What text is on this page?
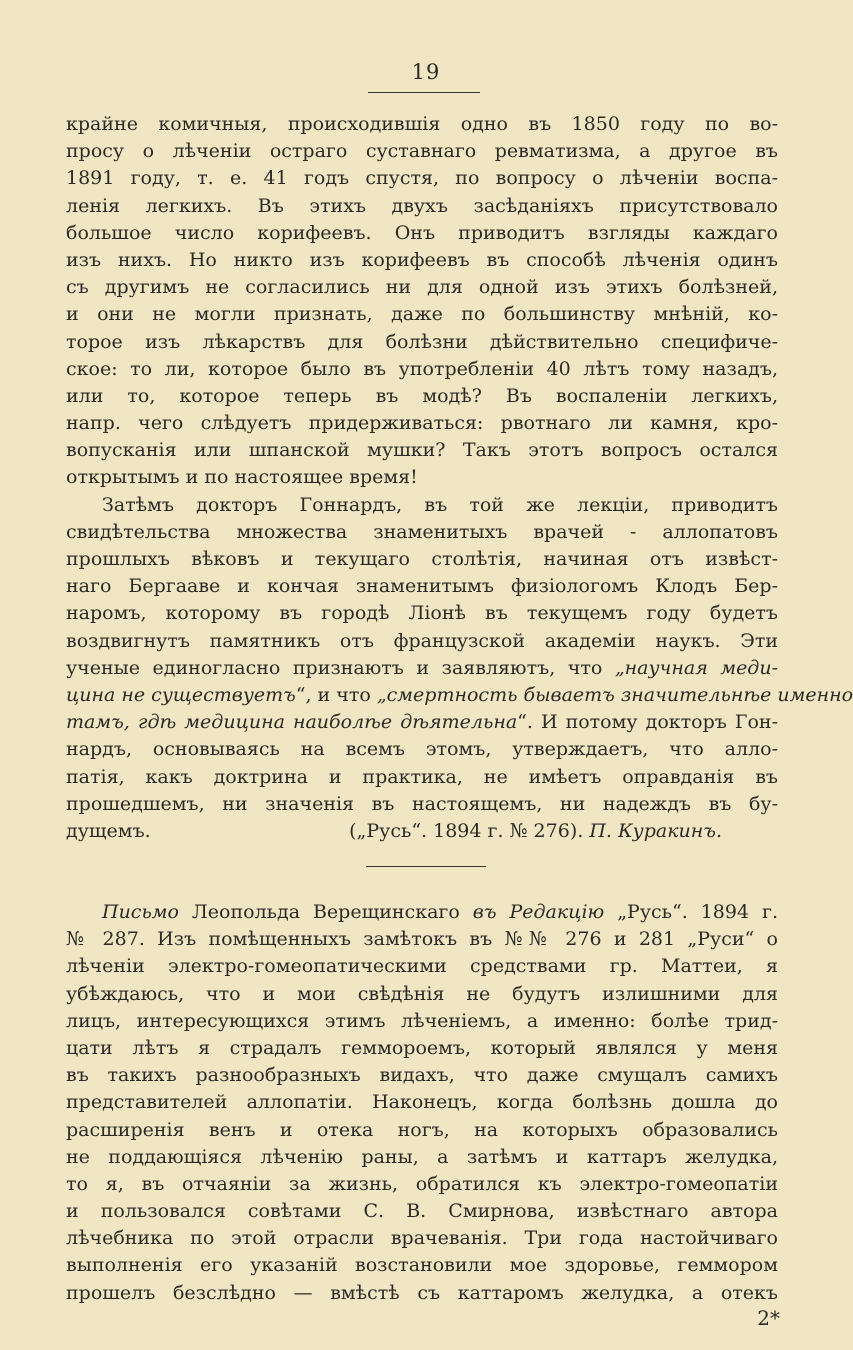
19
крайне комичныя, происходившія одно въ 1850 году по во-
просу о лѣченіи остраго суставнаго ревматизма, а другое въ
1891 году, т. е. 41 годъ спустя, по вопросу о лѣченіи воспа-
ленія легкихъ. Въ этихъ двухъ засѣданіяхъ присутствовало
большое число корифеевъ. Онъ приводитъ взгляды каждаго
изъ нихъ. Но никто изъ корифеевъ въ способѣ лѣченія одинъ
съ другимъ не согласились ни для одной изъ этихъ болѣзней,
и они не могли признать, даже по большинству мнѣній, ко-
торое изъ лѣкарствъ для болѣзни дѣйствительно специфиче-
ское: то ли, которое было въ употребленіи 40 лѣтъ тому назадъ,
или то, которое теперь въ модѣ? Въ воспаленіи легкихъ,
напр. чего слѣдуетъ придерживаться: рвотнаго ли камня, кро-
вопусканія или шпанской мушки? Такъ этотъ вопросъ остался
открытымъ и по настоящее время!
Затѣмъ докторъ Гоннардъ, въ той же лекціи, приводитъ
свидѣтельства множества знаменитыхъ врачей - аллопатовъ
прошлыхъ вѣковъ и текущаго столѣтія, начиная отъ извѣст-
наго Бергааве и кончая знаменитымъ физіологомъ Клодъ Бер-
наромъ, которому въ городѣ Ліонѣ въ текущемъ году будетъ
воздвигнутъ памятникъ отъ французской академіи наукъ. Эти
ученые единогласно признаютъ и заявляютъ, что „научная меди-
цина не существуетъ“, и что „смертность бываетъ значительнѣе именно
тамъ, гдѣ медицина наиболѣе дѣятельна“. И потому докторъ Гон-
нардъ, основываясь на всемъ этомъ, утверждаетъ, что алло-
патія, какъ доктрина и практика, не имѣетъ оправданія въ
прошедшемъ, ни значенія въ настоящемъ, ни надеждъ въ бу-
дущемъ.	(„Русь“. 1894 г. № 276). П. Куракинъ.
Письмо Леопольда Верещинскаго въ Редакцію „Русь“. 1894 г.
№ 287. Изъ помѣщенныхъ замѣтокъ въ №№ 276 и 281 „Руси“ о
лѣченіи электро-гомеопатическими средствами гр. Маттеи, я
убѣждаюсь, что и мои свѣдѣнія не будутъ излишними для
лицъ, интересующихся этимъ лѣченіемъ, а именно: болѣе трид-
цати лѣтъ я страдалъ геммороемъ, который являлся у меня
въ такихъ разнообразныхъ видахъ, что даже смущалъ самихъ
представителей аллопатіи. Наконецъ, когда болѣзнь дошла до
расширенія венъ и отека ногъ, на которыхъ образовались
не поддающіяся лѣченію раны, а затѣмъ и каттаръ желудка,
то я, въ отчаяніи за жизнь, обратился къ электро-гомеопатіи
и пользовался совѣтами С. В. Смирнова, извѣстнаго автора
лѣчебника по этой отрасли врачеванія. Три года настойчиваго
выполненія его указаній возстановили мое здоровье, геммором
прошелъ безслѣдно — вмѣстѣ съ каттаромъ желудка, а отекъ
2*
